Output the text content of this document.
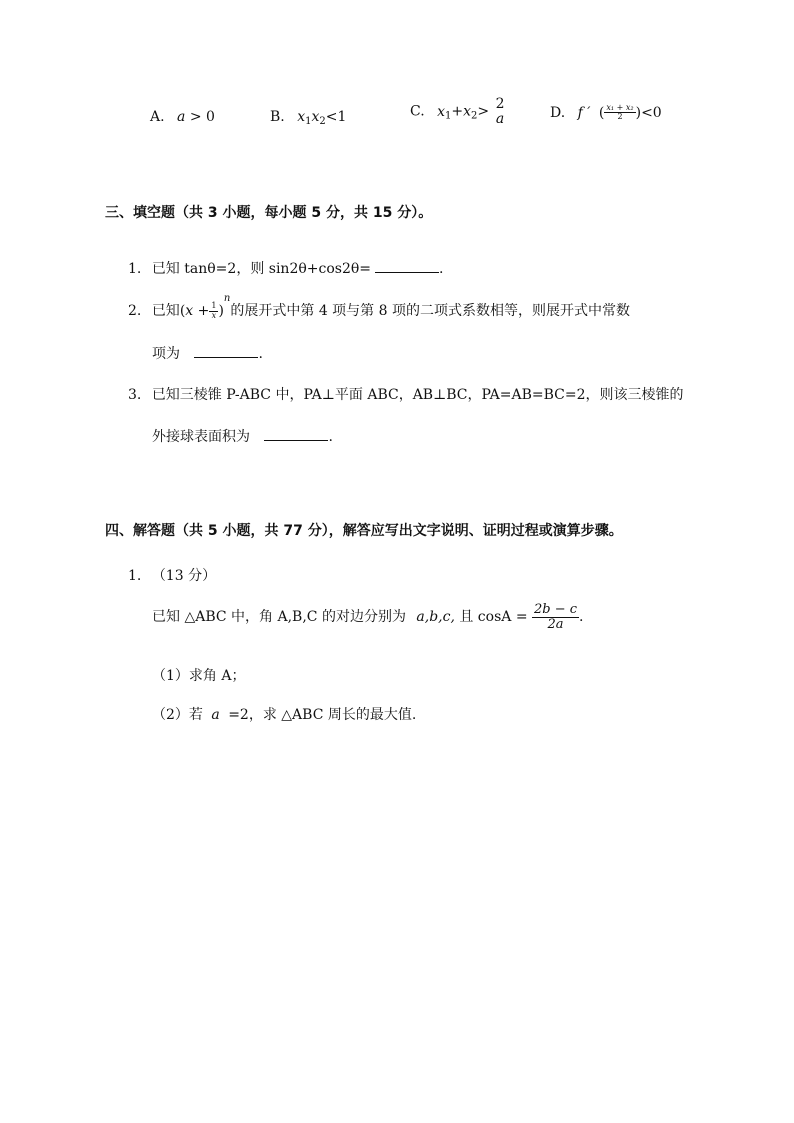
A. a > 0	B. $x_1x_2<1$	C. $x_1+x_2> 2$
a	D. f ′ ( $\frac{\text{x₁ + x₂}}{2} )<0$
三、填空题（共 3 小题，每小题 5 分，共 15 分）。
1. 已知 tanθ=2，则 sin2θ+cos2θ=	.
2. 已知$(x + \frac{1}{x} )^n$的展开式中第 4 项与第 8 项的二项式系数相等，则展开式中常数
项为	.
3. 已知三棱锥 P-ABC 中，PA⊥平面 ABC，AB⊥BC，PA=AB=BC=2，则该三棱锥的
外接球表面积为	.
四、解答题（共 5 小题，共 77 分），解答应写出文字说明、证明过程或演算步骤。
1. （13 分）
已知 △ABC 中，角 A,B,C 的对边分别为 a,b,c, 且 $\cos A = \frac{2b - c}{2a}$ .
（1）求角 A；
（2）若 a =2，求 △ABC 周长的最大值.
